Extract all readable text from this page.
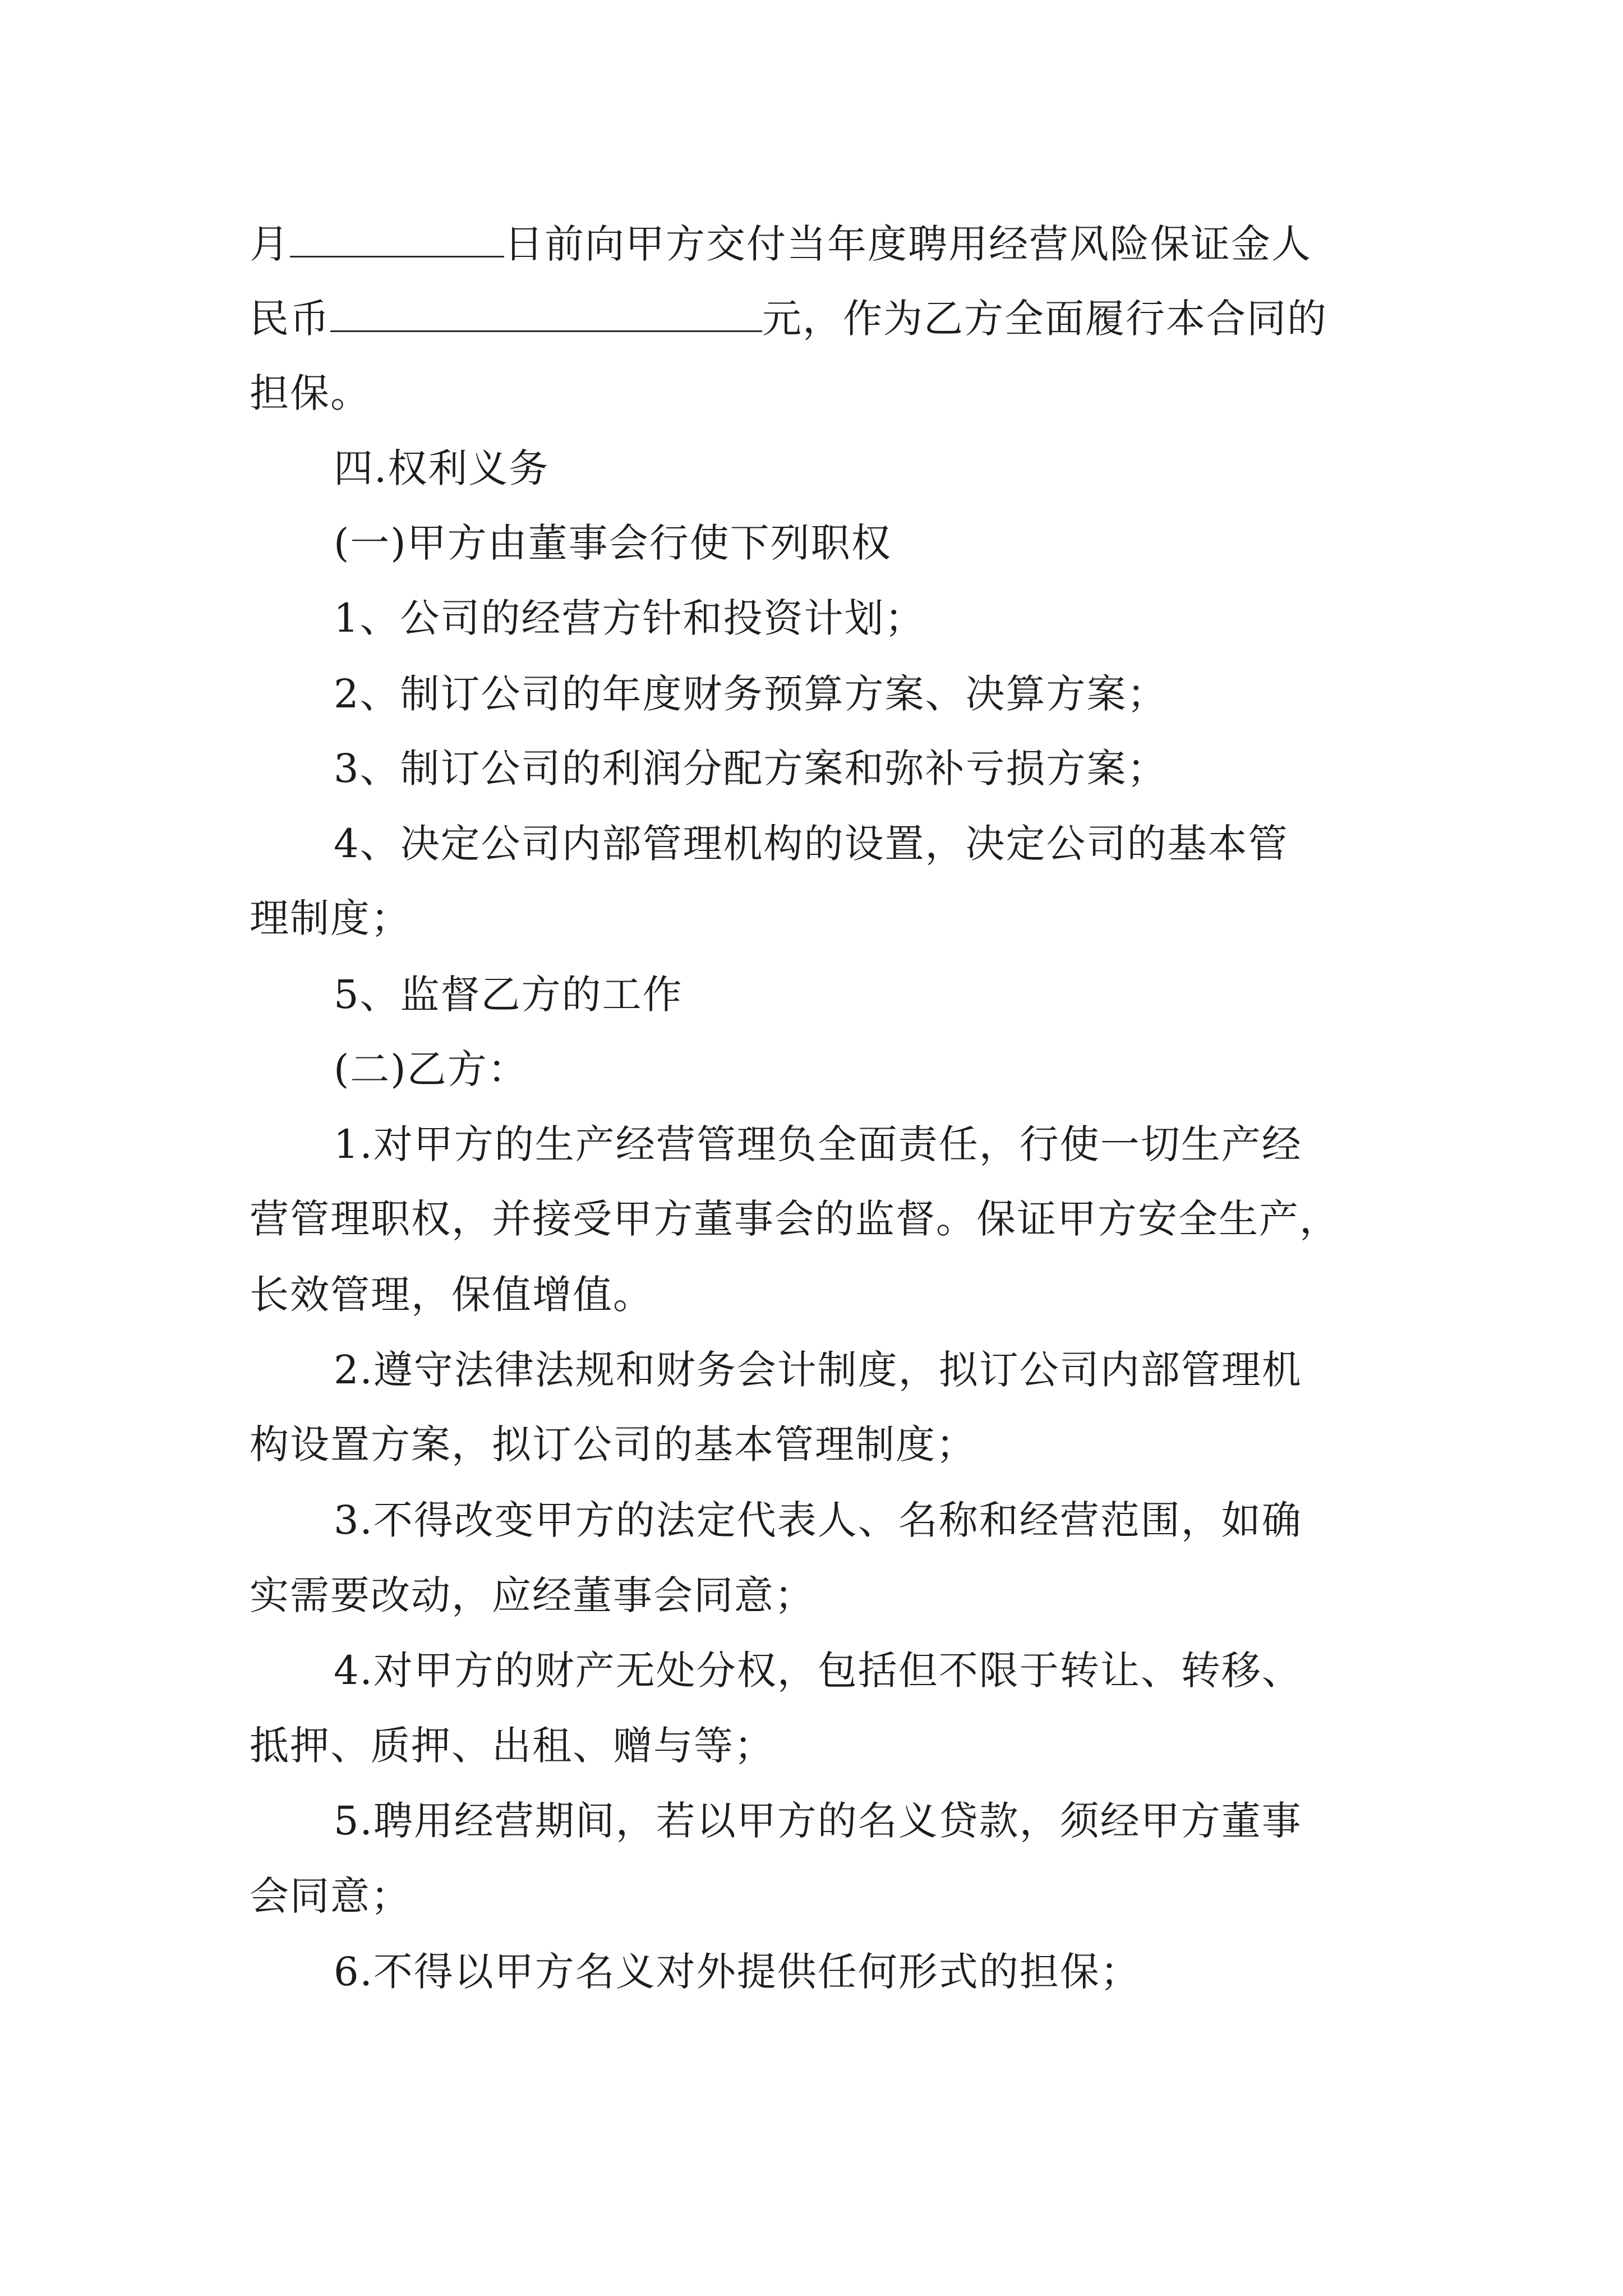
月	日前向甲方交付当年度聘用经营风险保证金人
民币	元，作为乙方全面履行本合同的
担保。
四.权利义务
(一)甲方由董事会行使下列职权
1、公司的经营方针和投资计划；
2、制订公司的年度财务预算方案、决算方案；
3、制订公司的利润分配方案和弥补亏损方案；
4、决定公司内部管理机构的设置，决定公司的基本管
理制度；
5、监督乙方的工作
(二)乙方：
1.对甲方的生产经营管理负全面责任，行使一切生产经
营管理职权，并接受甲方董事会的监督。保证甲方安全生产，
长效管理，保值增值。
2.遵守法律法规和财务会计制度，拟订公司内部管理机
构设置方案，拟订公司的基本管理制度；
3.不得改变甲方的法定代表人、名称和经营范围，如确
实需要改动，应经董事会同意；
4.对甲方的财产无处分权，包括但不限于转让、转移、
抵押、质押、出租、赠与等；
5.聘用经营期间，若以甲方的名义贷款，须经甲方董事
会同意；
6.不得以甲方名义对外提供任何形式的担保；
